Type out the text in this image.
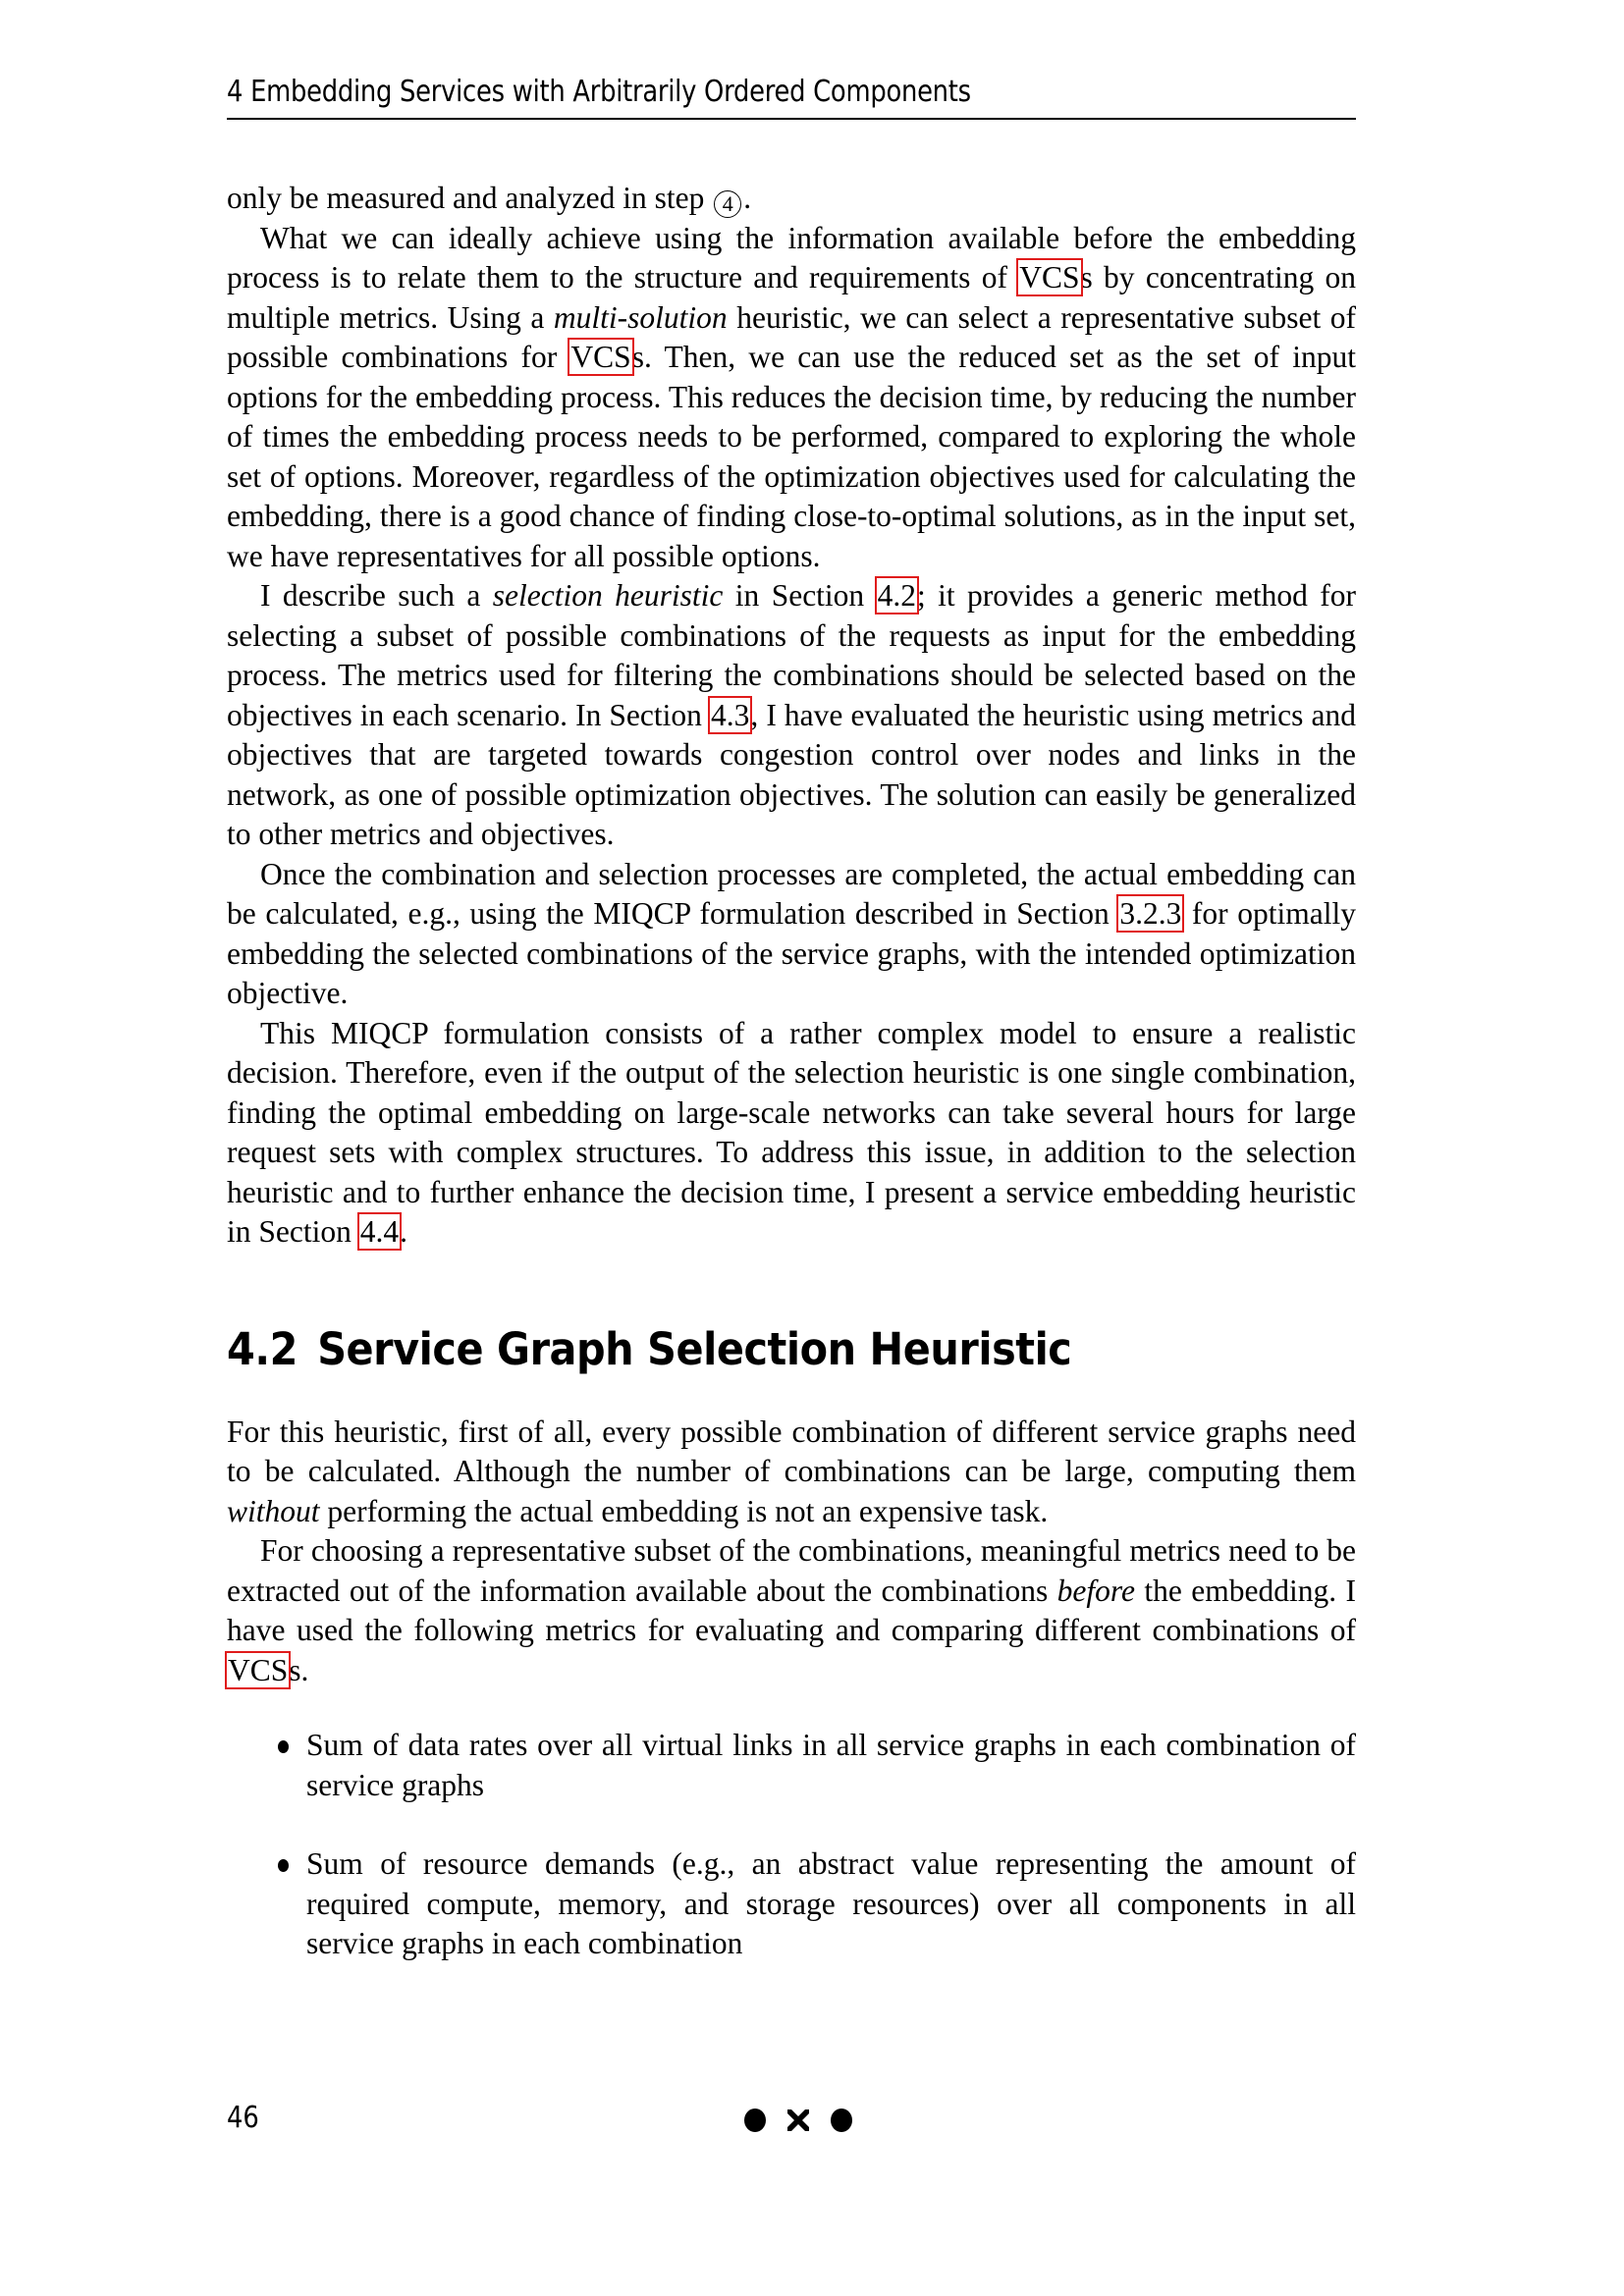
4 Embedding Services with Arbitrarily Ordered Components

only be measured and analyzed in step 4 .

What we can ideally achieve using the information available before the embedding process is to relate them to the structure and requirements of VCSs by concentrating on multiple metrics. Using a multi-solution heuristic, we can select a representative subset of possible combinations for VCSs. Then, we can use the reduced set as the set of input options for the embedding process. This reduces the decision time, by reducing the number of times the embedding process needs to be performed, compared to exploring the whole set of options. Moreover, regardless of the optimization objectives used for calculating the embedding, there is a good chance of finding close-to-optimal solutions, as in the input set, we have representatives for all possible options.

I describe such a selection heuristic in Section 4.2; it provides a generic method for selecting a subset of possible combinations of the requests as input for the embedding process. The metrics used for filtering the combinations should be selected based on the objectives in each scenario. In Section 4.3, I have evaluated the heuristic using metrics and objectives that are targeted towards congestion control over nodes and links in the network, as one of possible optimization objectives. The solution can easily be generalized to other metrics and objectives.

Once the combination and selection processes are completed, the actual embedding can be calculated, e.g., using the MIQCP formulation described in Section 3.2.3 for optimally embedding the selected combinations of the service graphs, with the intended optimization objective.

This MIQCP formulation consists of a rather complex model to ensure a realistic decision. Therefore, even if the output of the selection heuristic is one single combination, finding the optimal embedding on large-scale networks can take several hours for large request sets with complex structures. To address this issue, in addition to the selection heuristic and to further enhance the decision time, I present a service embedding heuristic in Section 4.4.

4.2 Service Graph Selection Heuristic

For this heuristic, first of all, every possible combination of different service graphs need to be calculated. Although the number of combinations can be large, computing them without performing the actual embedding is not an expensive task.

For choosing a representative subset of the combinations, meaningful metrics need to be extracted out of the information available about the combinations before the embedding. I have used the following metrics for evaluating and comparing different combinations of VCSs.

Sum of data rates over all virtual links in all service graphs in each combination of service graphs
Sum of resource demands (e.g., an abstract value representing the amount of required compute, memory, and storage resources) over all components in all service graphs in each combination
46
